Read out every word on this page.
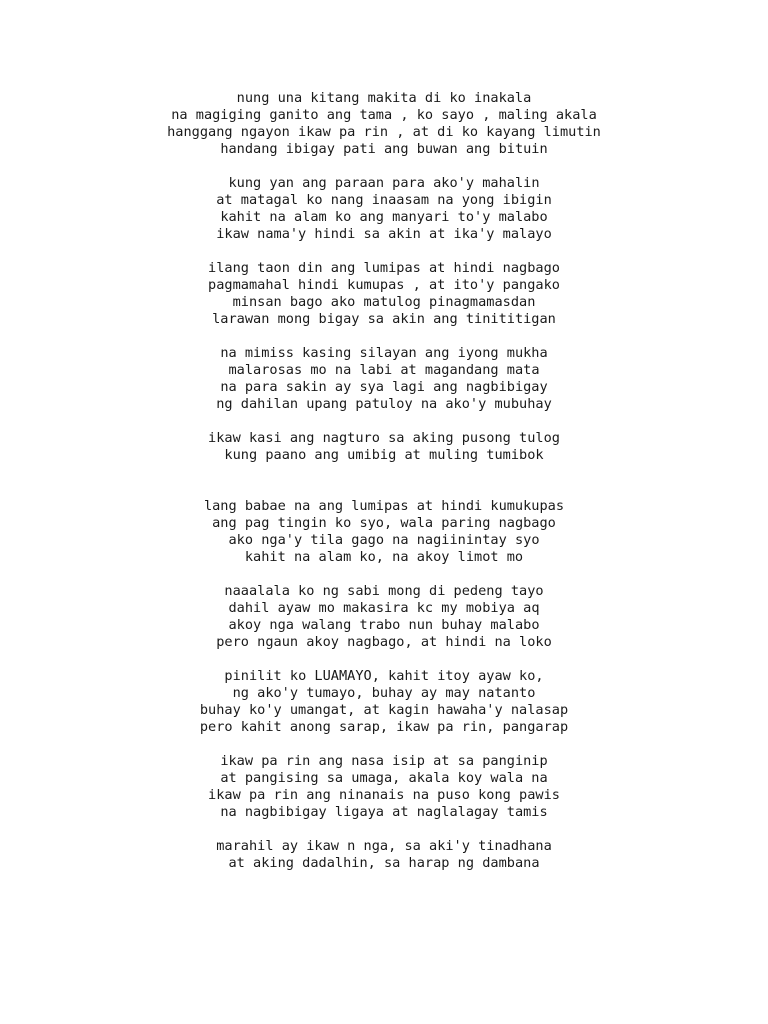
nung una kitang makita di ko inakala
na magiging ganito ang tama , ko sayo , maling akala
hanggang ngayon ikaw pa rin , at di ko kayang limutin
handang ibigay pati ang buwan ang bituin
kung yan ang paraan para ako'y mahalin
at matagal ko nang inaasam na yong ibigin
kahit na alam ko ang manyari to'y malabo
ikaw nama'y hindi sa akin at ika'y malayo
ilang taon din ang lumipas at hindi nagbago
pagmamahal hindi kumupas , at ito'y pangako
minsan bago ako matulog pinagmamasdan
larawan mong bigay sa akin ang tinititigan
na mimiss kasing silayan ang iyong mukha
malarosas mo na labi at magandang mata
na para sakin ay sya lagi ang nagbibigay
ng dahilan upang patuloy na ako'y mubuhay
ikaw kasi ang nagturo sa aking pusong tulog
kung paano ang umibig at muling tumibok
lang babae na ang lumipas at hindi kumukupas
ang pag tingin ko syo, wala paring nagbago
ako nga'y tila gago na nagiinintay syo
kahit na alam ko, na akoy limot mo
naaalala ko ng sabi mong di pedeng tayo
dahil ayaw mo makasira kc my mobiya aq
akoy nga walang trabo nun buhay malabo
pero ngaun akoy nagbago, at hindi na loko
pinilit ko LUAMAYO, kahit itoy ayaw ko,
ng ako'y tumayo, buhay ay may natanto
buhay ko'y umangat, at kagin hawaha'y nalasap
pero kahit anong sarap, ikaw pa rin, pangarap
ikaw pa rin ang nasa isip at sa panginip
at pangising sa umaga, akala koy wala na
ikaw pa rin ang ninanais na puso kong pawis
na nagbibigay ligaya at naglalagay tamis
marahil ay ikaw n nga, sa aki'y tinadhana
at aking dadalhin, sa harap ng dambana
